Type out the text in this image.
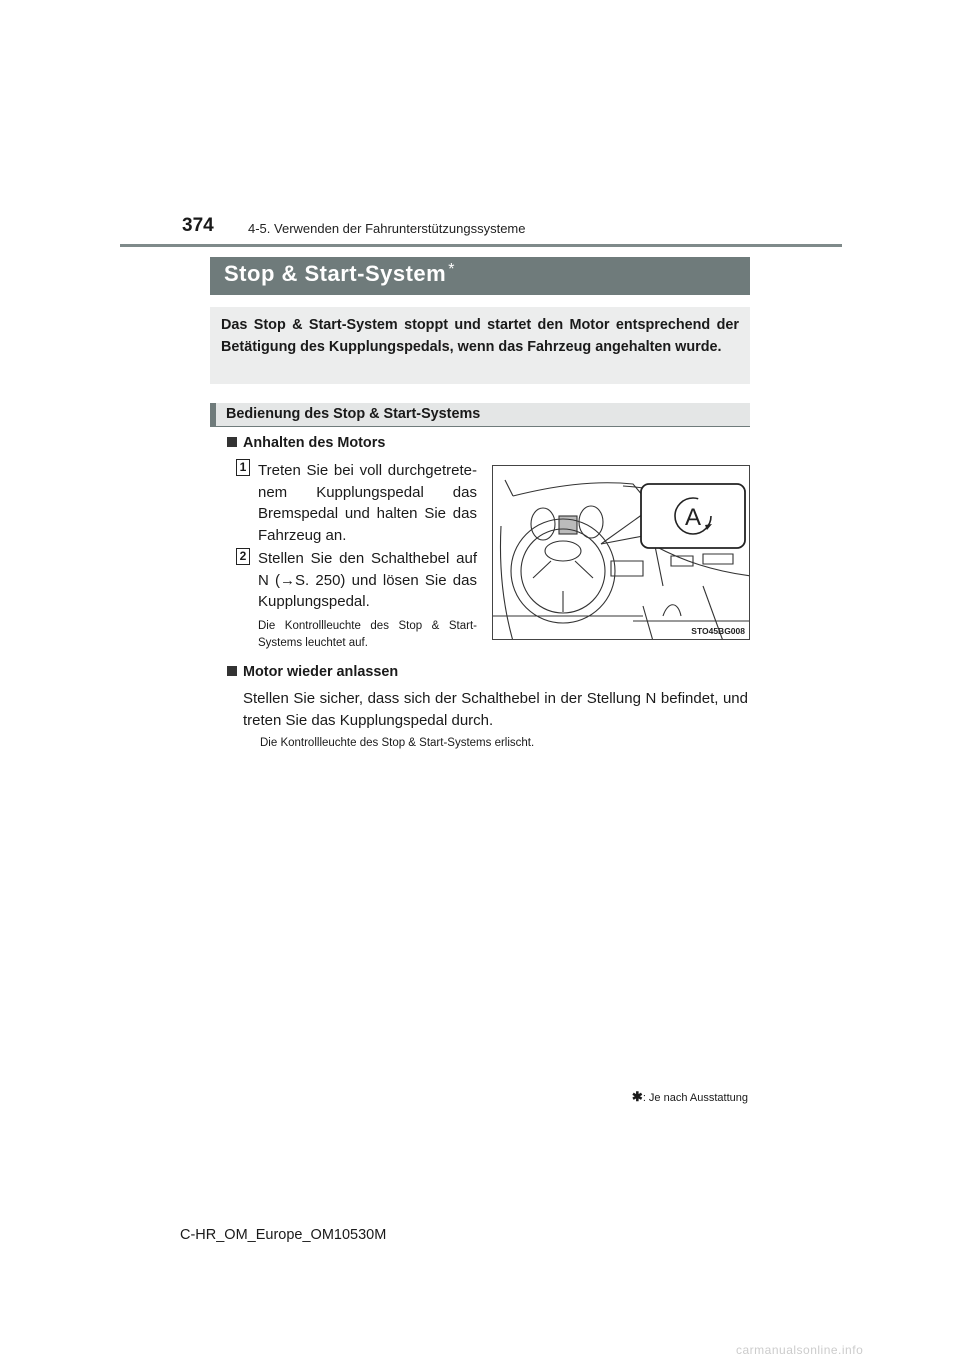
374	4-5. Verwenden der Fahrunterstützungssysteme
Stop & Start-System *
Das Stop & Start-System stoppt und startet den Motor entsprechend der Betätigung des Kupplungspedals, wenn das Fahrzeug angehalten wurde.
Bedienung des Stop & Start-Systems
Anhalten des Motors
1 Treten Sie bei voll durchgetrete-nem Kupplungspedal das Bremspedal und halten Sie das Fahrzeug an.
2 Stellen Sie den Schalthebel auf N (→S. 250) und lösen Sie das Kupplungspedal.
Die Kontrollleuchte des Stop & Start-Systems leuchtet auf.
A
STO45BG008
Motor wieder anlassen
Stellen Sie sicher, dass sich der Schalthebel in der Stellung N befindet, und treten Sie das Kupplungspedal durch.
Die Kontrollleuchte des Stop & Start-Systems erlischt.
✱: Je nach Ausstattung
C-HR_OM_Europe_OM10530M
carmanualsonline.info
